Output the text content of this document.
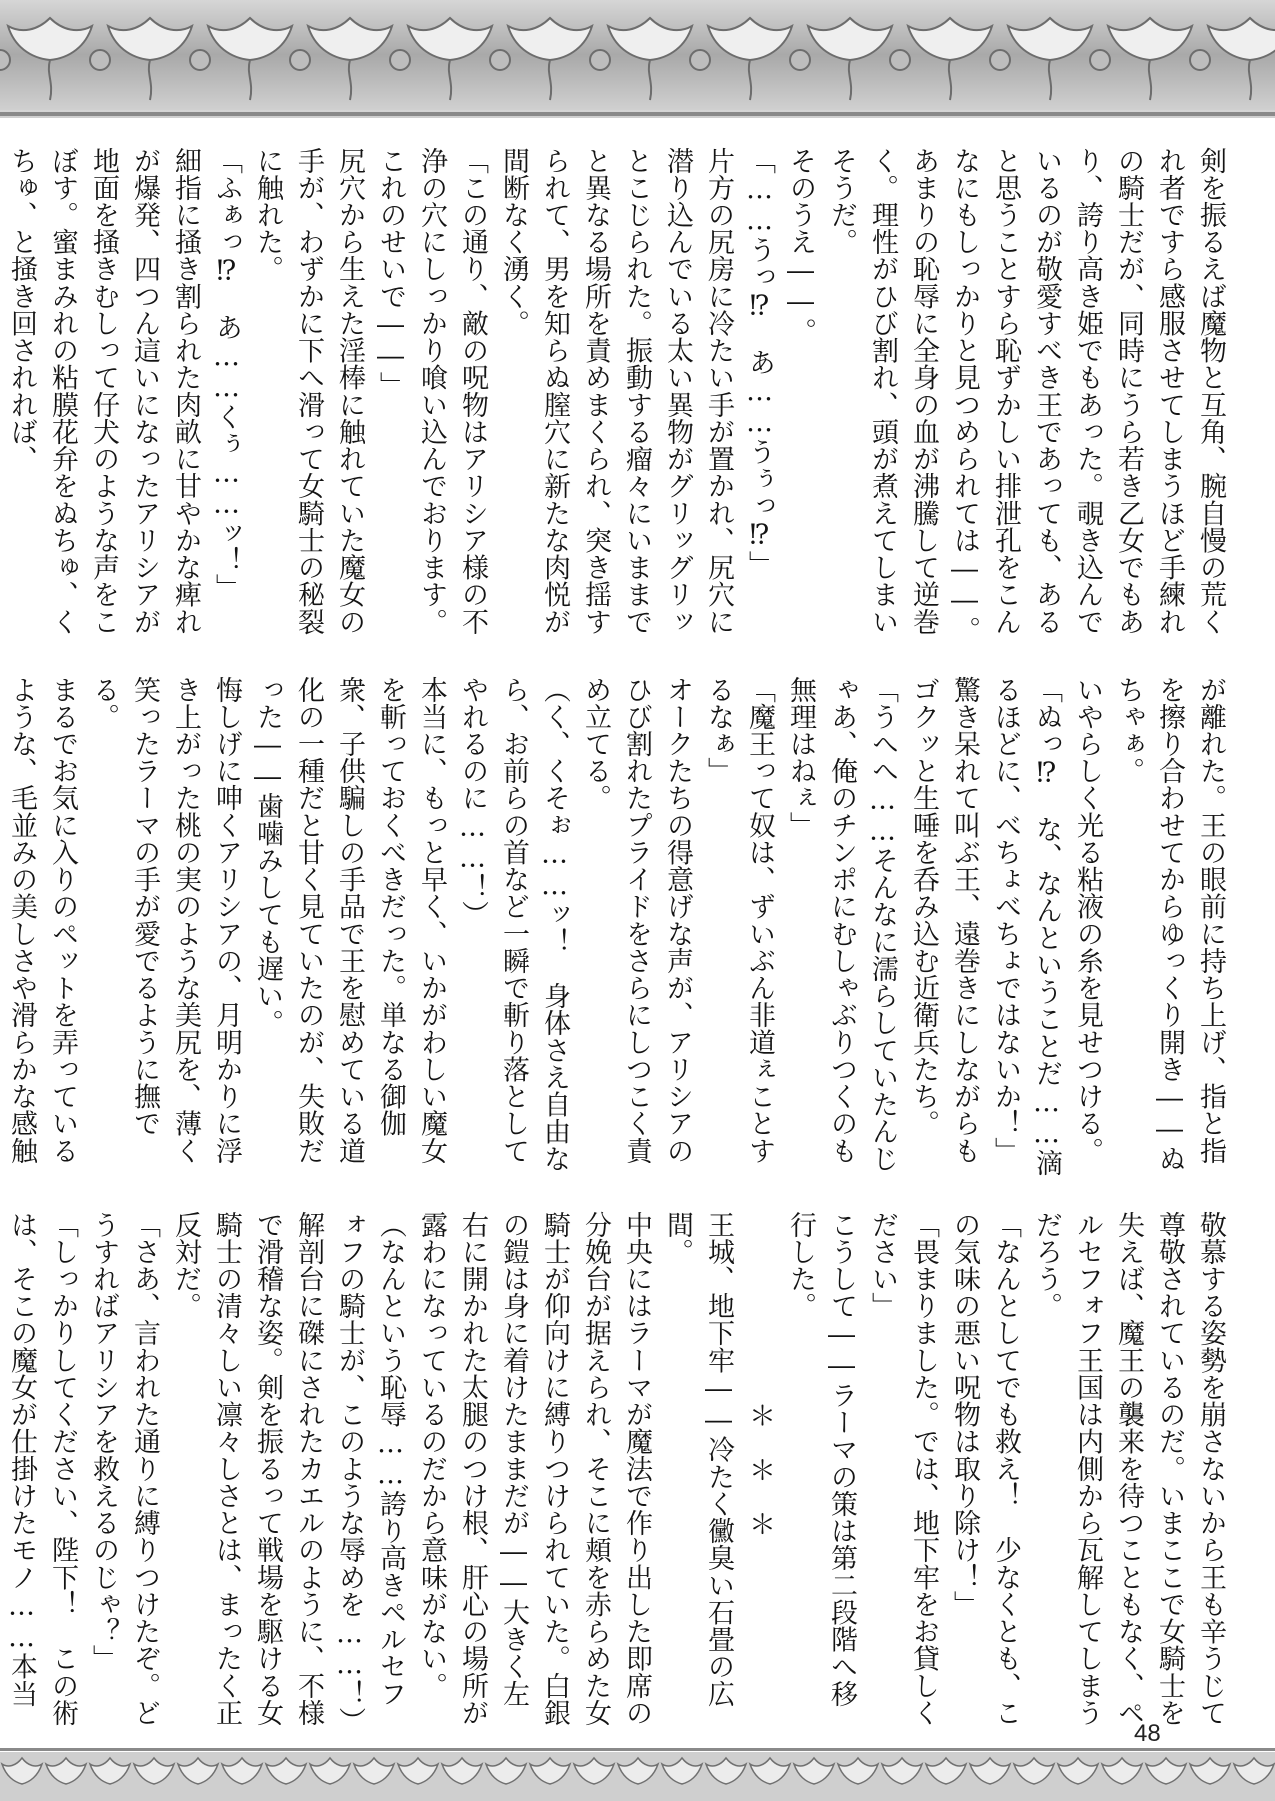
剣を振るえば魔物と互角、腕自慢の荒くれ者ですら感服させてしまうほど手練れの騎士だが、同時にうら若き乙女でもあり、誇り高き姫でもあった。覗き込んでいるのが敬愛すべき王であっても、あると思うことすら恥ずかしい排泄孔をこんなにもしっかりと見つめられては――。

あまりの恥辱に全身の血が沸騰して逆巻く。理性がひび割れ、頭が煮えてしまいそうだ。

そのうえ――。

「……うっ⁉　あ……うぅっ⁉」

片方の尻房に冷たい手が置かれ、尻穴に潜り込んでいる太い異物がグリッグリッとこじられた。振動する瘤々にいままでと異なる場所を責めまくられ、突き揺すられて、男を知らぬ膣穴に新たな肉悦が間断なく湧く。

「この通り、敵の呪物はアリシア様の不浄の穴にしっかり喰い込んでおります。これのせいで――」

尻穴から生えた淫棒に触れていた魔女の手が、わずかに下へ滑って女騎士の秘裂に触れた。

「ふぁっ⁉　あ……くぅ……ッ！」

細指に掻き割られた肉畝に甘やかな痺れが爆発、四つん這いになったアリシアが地面を掻きむしって仔犬のような声をこぼす。蜜まみれの粘膜花弁をぬちゅ、くちゅ、と掻き回されれば、

が離れた。王の眼前に持ち上げ、指と指を擦り合わせてからゆっくり開き――ぬちゃぁ。

いやらしく光る粘液の糸を見せつける。

「ぬっ⁉　な、なんということだ……滴るほどに、べちょべちょではないか！」

驚き呆れて叫ぶ王、遠巻きにしながらもゴクッと生唾を呑み込む近衛兵たち。

「うへへ……そんなに濡らしていたんじゃあ、俺のチンポにむしゃぶりつくのも無理はねぇ」

「魔王って奴は、ずいぶん非道ぇことするなぁ」

オークたちの得意げな声が、アリシアのひび割れたプライドをさらにしつこく責め立てる。

（く、くそぉ……ッ！　身体さえ自由なら、お前らの首など一瞬で斬り落としてやれるのに……！）

本当に、もっと早く、いかがわしい魔女を斬っておくべきだった。単なる御伽衆、子供騙しの手品で王を慰めている道化の一種だと甘く見ていたのが、失敗だった――歯噛みしても遅い。

悔しげに呻くアリシアの、月明かりに浮き上がった桃の実のような美尻を、薄く笑ったラーマの手が愛でるように撫でる。

まるでお気に入りのペットを弄っているような、毛並みの美しさや滑らかな感触

敬慕する姿勢を崩さないから王も辛うじて尊敬されているのだ。いまここで女騎士を失えば、魔王の襲来を待つこともなく、ペルセフォフ王国は内側から瓦解してしまうだろう。

「なんとしてでも救え！　少なくとも、この気味の悪い呪物は取り除け！」

「畏まりました。では、地下牢をお貸しください」

こうして――ラーマの策は第二段階へ移行した。

＊　＊　＊

王城、地下牢――冷たく黴臭い石畳の広間。

中央にはラーマが魔法で作り出した即席の分娩台が据えられ、そこに頬を赤らめた女騎士が仰向けに縛りつけられていた。白銀の鎧は身に着けたままだが――大きく左右に開かれた太腿のつけ根、肝心の場所が露わになっているのだから意味がない。

（なんという恥辱……誇り高きペルセフォフの騎士が、このような辱めを……！）

解剖台に磔にされたカエルのように、不様で滑稽な姿。剣を振るって戦場を駆ける女騎士の清々しい凛々しさとは、まったく正反対だ。

「さあ、言われた通りに縛りつけたぞ。どうすればアリシアを救えるのじゃ？」

「しっかりしてください、陛下！　この術は、そこの魔女が仕掛けたモノ……本当

48
